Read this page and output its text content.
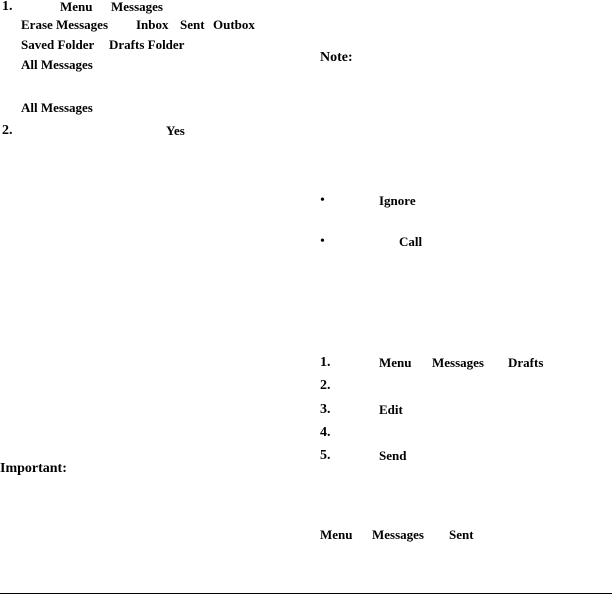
1.	Menu Messages
Erase Messages Inbox Sent Outbox
Saved Folder Drafts Folder
All Messages
All Messages
2.	Yes
Important:
Note:
•	Ignore
•	Call
1.	Menu Messages Drafts
2.
3.	Edit
4.
5.	Send
Menu Messages Sent
